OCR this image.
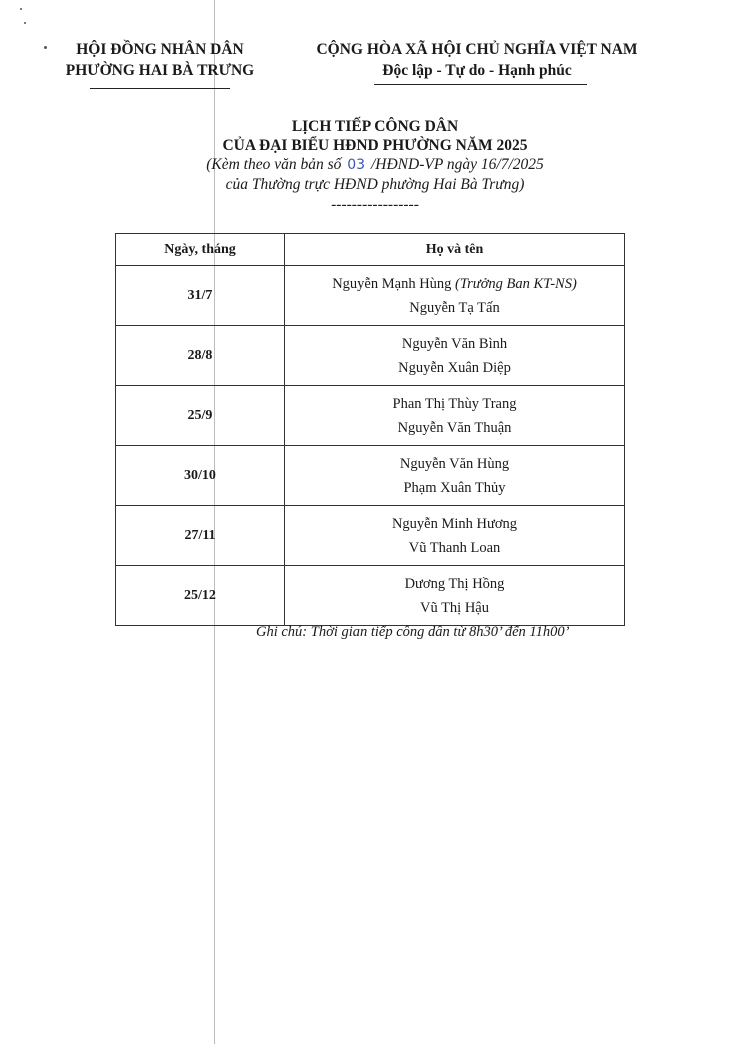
HỘI ĐỒNG NHÂN DÂN
PHƯỜNG HAI BÀ TRƯNG
CỘNG HÒA XÃ HỘI CHỦ NGHĨA VIỆT NAM
Độc lập - Tự do - Hạnh phúc
LỊCH TIẾP CÔNG DÂN
CỦA ĐẠI BIỂU HĐND PHƯỜNG NĂM 2025
(Kèm theo văn bản số 03 /HĐND-VP ngày 16/7/2025
của Thường trực HĐND phường Hai Bà Trưng)
-----------------
Ngày, tháng	Họ và tên
31/7	Nguyễn Mạnh Hùng (Trưởng Ban KT-NS)
Nguyễn Tạ Tấn

28/8	Nguyễn Văn Bình
Nguyễn Xuân Diệp

25/9	Phan Thị Thùy Trang
Nguyễn Văn Thuận

30/10	Nguyễn Văn Hùng
Phạm Xuân Thủy

27/11	Nguyễn Minh Hương
Vũ Thanh Loan

25/12	Dương Thị Hồng
Vũ Thị Hậu
Ghi chú: Thời gian tiếp công dân từ 8h30’ đến 11h00’
